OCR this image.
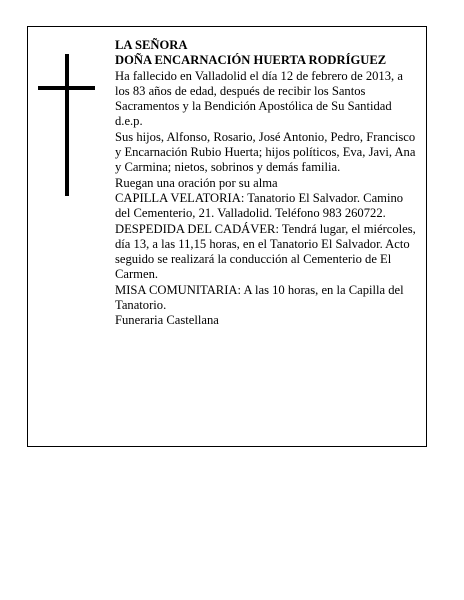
LA SEÑORA

DOÑA ENCARNACIÓN HUERTA RODRÍGUEZ

Ha fallecido en Valladolid el día 12 de febrero de 2013, a los 83 años de edad, después de recibir los Santos Sacramentos y la Bendición Apostólica de Su Santidad d.e.p.

Sus hijos, Alfonso, Rosario, José Antonio, Pedro, Francisco y Encarnación Rubio Huerta; hijos políticos, Eva, Javi, Ana y Carmina; nietos, sobrinos y demás familia.

Ruegan una oración por su alma

CAPILLA VELATORIA: Tanatorio El Salvador. Camino del Cementerio, 21. Valladolid. Teléfono 983 260722.

DESPEDIDA DEL CADÁVER: Tendrá lugar, el miércoles, día 13, a las 11,15 horas, en el Tanatorio El Salvador. Acto seguido se realizará la conducción al Cementerio de El Carmen.

MISA COMUNITARIA: A las 10 horas, en la Capilla del Tanatorio.

Funeraria Castellana
